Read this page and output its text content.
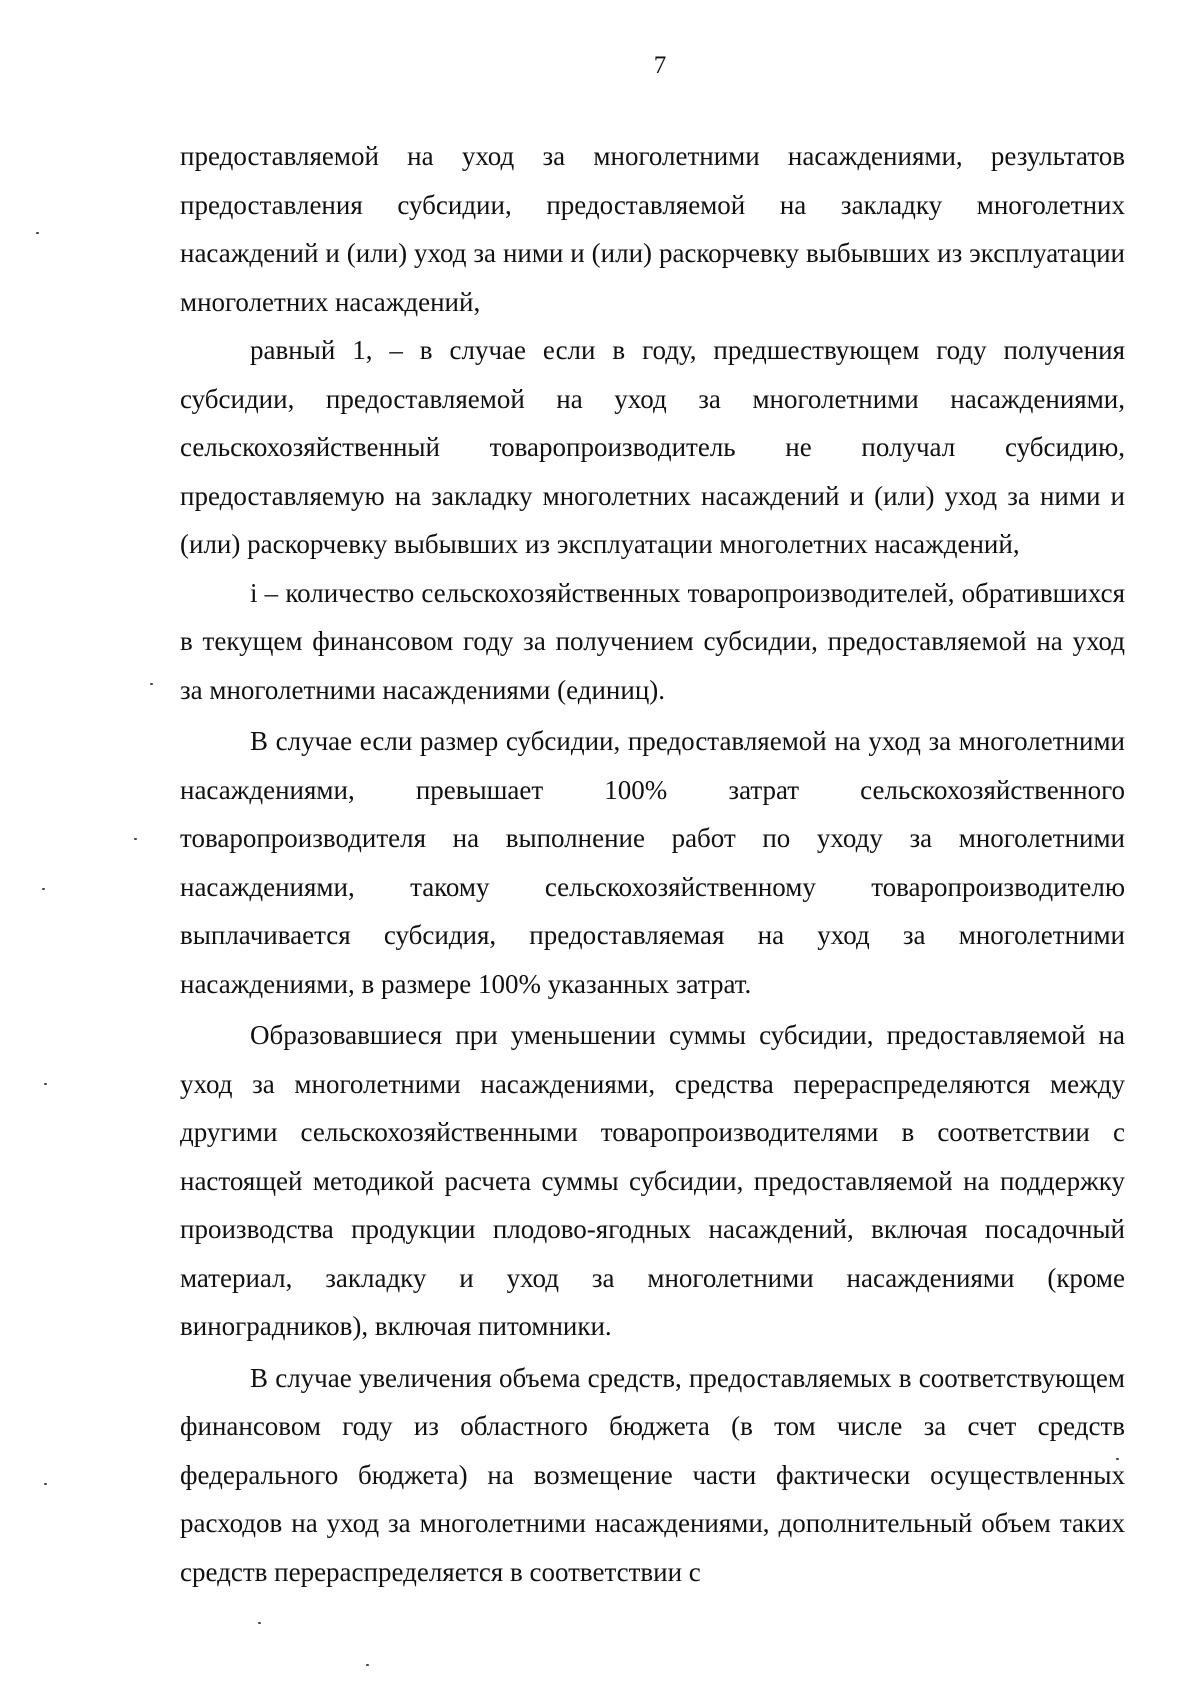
7

предоставляемой на уход за многолетними насаждениями, результатов предоставления субсидии, предоставляемой на закладку многолетних насаждений и (или) уход за ними и (или) раскорчевку выбывших из эксплуатации многолетних насаждений,

равный 1, – в случае если в году, предшествующем году получения субсидии, предоставляемой на уход за многолетними насаждениями, сельскохозяйственный товаропроизводитель не получал субсидию, предоставляемую на закладку многолетних насаждений и (или) уход за ними и (или) раскорчевку выбывших из эксплуатации многолетних насаждений,

i – количество сельскохозяйственных товаропроизводителей, обратившихся в текущем финансовом году за получением субсидии, предоставляемой на уход за многолетними насаждениями (единиц).

В случае если размер субсидии, предоставляемой на уход за многолетними насаждениями, превышает 100% затрат сельскохозяйственного товаропроизводителя на выполнение работ по уходу за многолетними насаждениями, такому сельскохозяйственному товаропроизводителю выплачивается субсидия, предоставляемая на уход за многолетними насаждениями, в размере 100% указанных затрат.

Образовавшиеся при уменьшении суммы субсидии, предоставляемой на уход за многолетними насаждениями, средства перераспределяются между другими сельскохозяйственными товаропроизводителями в соответствии с настоящей методикой расчета суммы субсидии, предоставляемой на поддержку производства продукции плодово-ягодных насаждений, включая посадочный материал, закладку и уход за многолетними насаждениями (кроме виноградников), включая питомники.

В случае увеличения объема средств, предоставляемых в соответствующем финансовом году из областного бюджета (в том числе за счет средств федерального бюджета) на возмещение части фактически осуществленных расходов на уход за многолетними насаждениями, дополнительный объем таких средств перераспределяется в соответствии с
